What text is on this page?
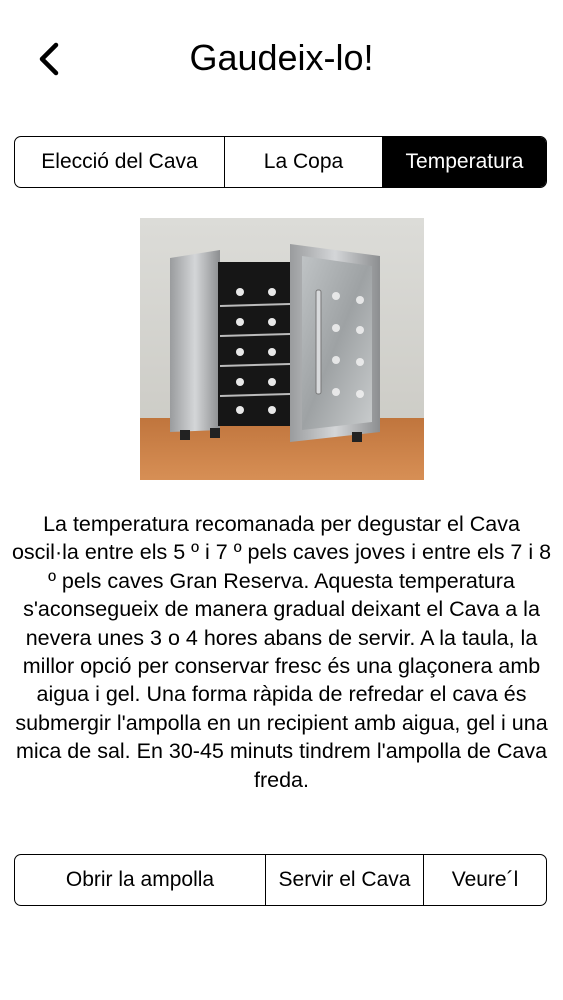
Gaudeix-lo!
Elecció del Cava	La Copa	Temperatura

La temperatura recomanada per degustar el Cava oscil·la entre els 5 º i 7 º pels caves joves i entre els 7 i 8 º pels caves Gran Reserva. Aquesta temperatura s'aconsegueix de manera gradual deixant el Cava a la nevera unes 3 o 4 hores abans de servir. A la taula, la millor opció per conservar fresc és una glaçonera amb aigua i gel. Una forma ràpida de refredar el cava és submergir l'ampolla en un recipient amb aigua, gel i una mica de sal. En 30-45 minuts tindrem l'ampolla de Cava freda.

Obrir la ampolla	Servir el Cava	Veure´l
